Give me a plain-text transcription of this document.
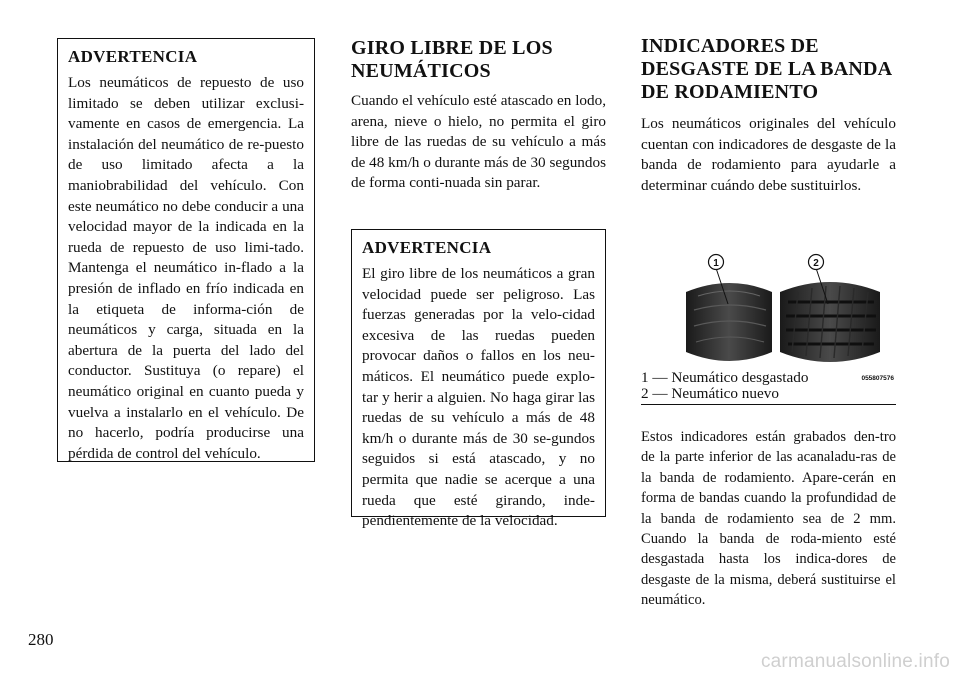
ADVERTENCIA

Los neumáticos de repuesto de uso limitado se deben utilizar exclusi-vamente en casos de emergencia. La instalación del neumático de re-puesto de uso limitado afecta a la maniobrabilidad del vehículo. Con este neumático no debe conducir a una velocidad mayor de la indicada en la rueda de repuesto de uso limi-tado. Mantenga el neumático in-flado a la presión de inflado en frío indicada en la etiqueta de informa-ción de neumáticos y carga, situada en la abertura de la puerta del lado del conductor. Sustituya (o repare) el neumático original en cuanto pueda y vuelva a instalarlo en el vehículo. De no hacerlo, podría producirse una pérdida de control del vehículo.

GIRO LIBRE DE LOS
NEUMÁTICOS

Cuando el vehículo esté atascado en lodo, arena, nieve o hielo, no permita el giro libre de las ruedas de su vehículo a más de 48 km/h o durante más de 30 segundos de forma conti-nuada sin parar.

ADVERTENCIA

El giro libre de los neumáticos a gran velocidad puede ser peligroso. Las fuerzas generadas por la velo-cidad excesiva de las ruedas pueden provocar daños o fallos en los neu-máticos. El neumático puede explo-tar y herir a alguien. No haga girar las ruedas de su vehículo a más de 48 km/h o durante más de 30 se-gundos seguidos si está atascado, y no permita que nadie se acerque a una rueda que esté girando, inde-pendientemente de la velocidad.

INDICADORES DE
DESGASTE DE LA BANDA
DE RODAMIENTO

Los neumáticos originales del vehículo cuentan con indicadores de desgaste de la banda de rodamiento para ayudarle a determinar cuándo debe sustituirlos.

1	2
055807576
1 — Neumático desgastado
2 — Neumático nuevo

Estos indicadores están grabados den-tro de la parte inferior de las acanaladu-ras de la banda de rodamiento. Apare-cerán en forma de bandas cuando la profundidad de la banda de rodamiento sea de 2 mm. Cuando la banda de roda-miento esté desgastada hasta los indica-dores de desgaste de la misma, deberá sustituirse el neumático.

280
carmanualsonline.info
